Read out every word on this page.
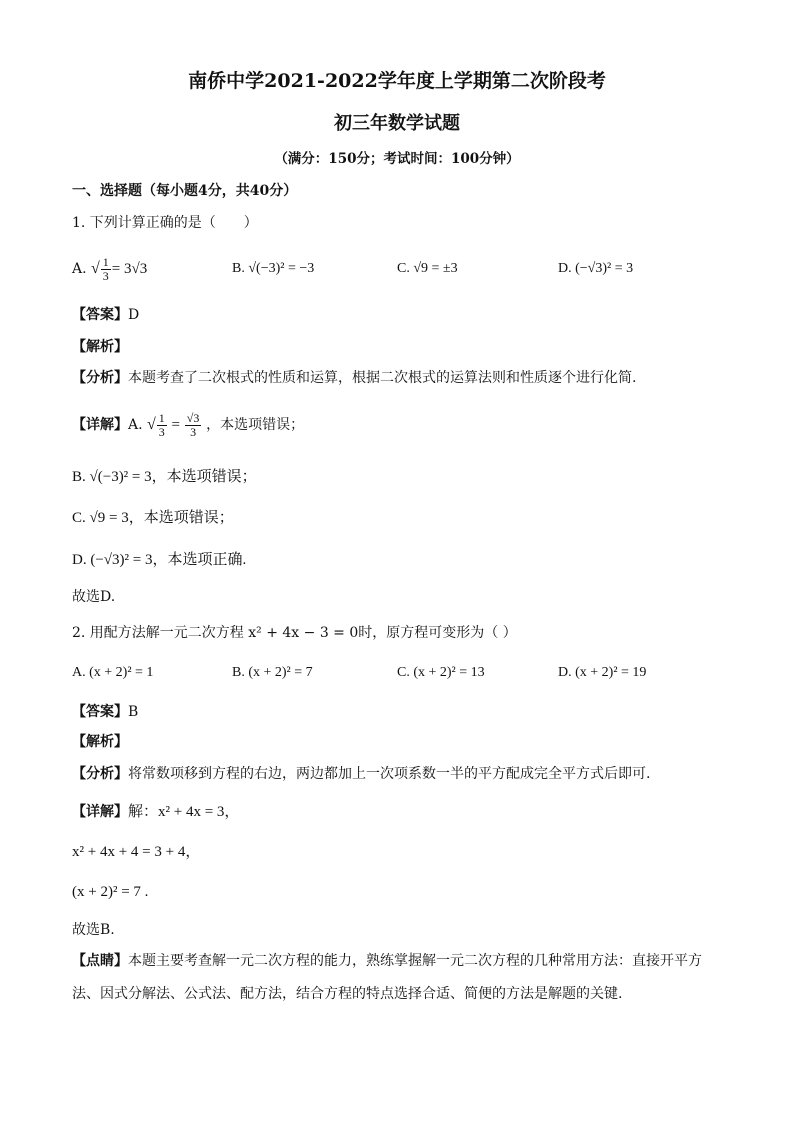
南侨中学2021-2022学年度上学期第二次阶段考
初三年数学试题
（满分：150分；考试时间：100分钟）
一、选择题（每小题4分，共40分）
1. 下列计算正确的是（　　）
A. √ $\frac{1}{3} = 3√3$	B. √(−3)² = −3	C. √9 = ±3	D. (−√3)² = 3
【答案】D
【解析】
【分析】本题考查了二次根式的性质和运算，根据二次根式的运算法则和性质逐个进行化简.
【详解】A. √ $\frac{1}{3} = \frac{√3}{3}$ ，本选项错误；
B. √(−3)² = 3，本选项错误；
C. √9 = 3，本选项错误；
D. (−√3)² = 3，本选项正确.
故选D.
2. 用配方法解一元二次方程 x² + 4x − 3 = 0时，原方程可变形为（ ）
A. (x + 2)² = 1	B. (x + 2)² = 7	C. (x + 2)² = 13	D. (x + 2)² = 19
【答案】B
【解析】
【分析】将常数项移到方程的右边，两边都加上一次项系数一半的平方配成完全平方式后即可.
【详解】解：x² + 4x = 3，
x² + 4x + 4 = 3 + 4，
(x + 2)² = 7 .
故选B.
【点睛】本题主要考查解一元二次方程的能力，熟练掌握解一元二次方程的几种常用方法：直接开平方
法、因式分解法、公式法、配方法，结合方程的特点选择合适、简便的方法是解题的关键.
